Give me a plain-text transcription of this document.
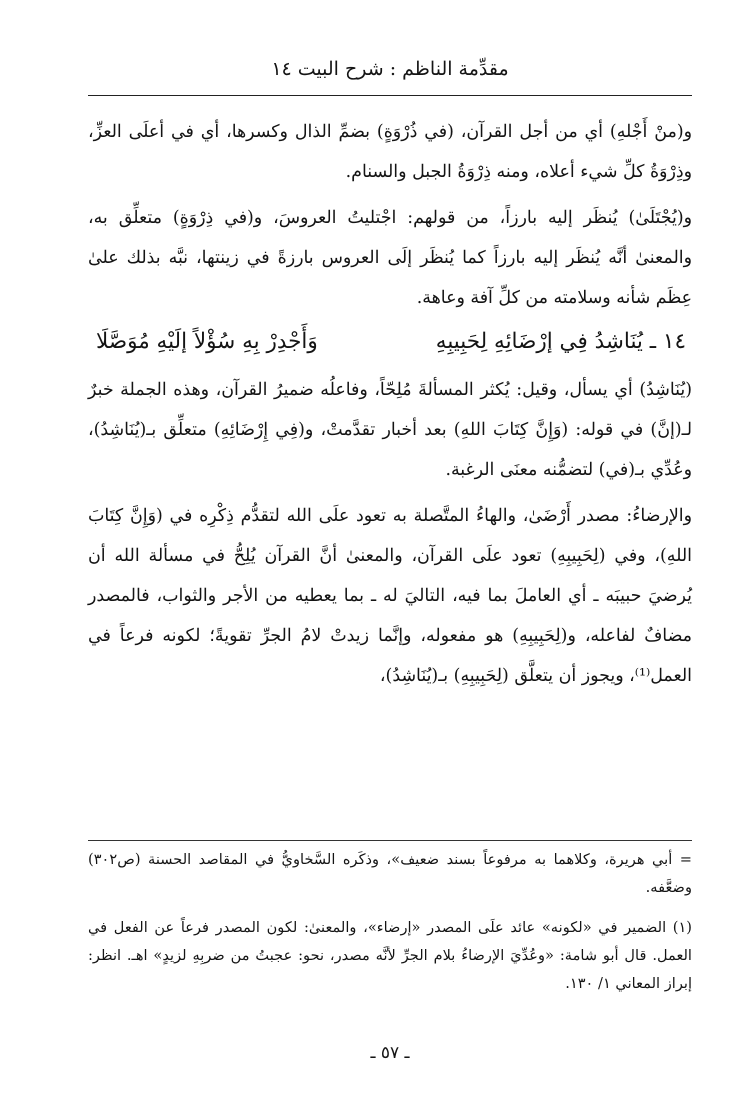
مقدِّمة الناظم : شرح البيت ١٤

و(منْ أَجْلهِ) أي من أجل القرآن، (في ذُرْوَةٍ) بضمِّ الذال وكسرها، أي في أعلَى العزِّ، وذِرْوَةُ كلِّ شيء أعلاه، ومنه ذِرْوَةُ الجبل والسنام.

و(يُجْتَلَىٰ) يُنظَر إليه بارزاً، من قولهم: اجْتليتُ العروسَ، و(في ذِرْوَةٍ) متعلِّق به، والمعنىٰ أنَّه يُنظَر إليه بارزاً كما يُنظَر إلَى العروس بارزةً في زينتها، نبَّه بذلك علىٰ عِظَم شأنه وسلامته من كلِّ آفة وعاهة.

١٤ ـ يُنَاشِدُ فِي إرْضَائِهِ لِحَبِيبِهِ
وَأَجْدِرْ بِهِ سُؤْلاً إلَيْهِ مُوَصَّلَا

(يُنَاشِدُ) أي يسأل، وقيل: يُكثر المسألةَ مُلِحّاً، وفاعلُه ضميرُ القرآن، وهذه الجملة خبرٌ لـ(إنَّ) في قوله: (وَإِنَّ كِتَابَ اللهِ) بعد أخبار تقدَّمتْ، و(فِي إِرْضَائِهِ) متعلِّق بـ(يُنَاشِدُ)، وعُدِّي بـ(في) لتضمُّنه معنَى الرغبة.

والإرضاءُ: مصدر أَرْضَىٰ، والهاءُ المتَّصلة به تعود علَى الله لتقدُّم ذِكْرِه في (وَإِنَّ كِتَابَ اللهِ)، وفي (لِحَبِيبِهِ) تعود علَى القرآن، والمعنىٰ أنَّ القرآن يُلِحُّ في مسألة الله أن يُرضيَ حبيبَه ـ أي العاملَ بما فيه، التاليَ له ـ بما يعطيه من الأجر والثواب، فالمصدر مضافٌ لفاعله، و(لِحَبِيبِهِ) هو مفعوله، وإنَّما زيدتْ لامُ الجرِّ تقويةً؛ لكونه فرعاً في العمل⁽¹⁾، ويجوز أن يتعلَّق (لِحَبِيبِهِ) بـ(يُنَاشِدُ)،

= أبي هريرة، وكلاهما به مرفوعاً بسند ضعيف»، وذكَره السَّخاويُّ في المقاصد الحسنة (ص٣٠٢) وضعَّفه.

(١) الضمير في «لكونه» عائد علَى المصدر «إرضاء»، والمعنىٰ: لكون المصدر فرعاً عن الفعل في العمل. قال أبو شامة: «وعُدِّيَ الإرضاءُ بلام الجرِّ لأنَّه مصدر، نحو: عجبتُ من ضربِهِ لزيدٍ» اهـ. انظر: إبراز المعاني ١/ ١٣٠.

ـ ٥٧ ـ
